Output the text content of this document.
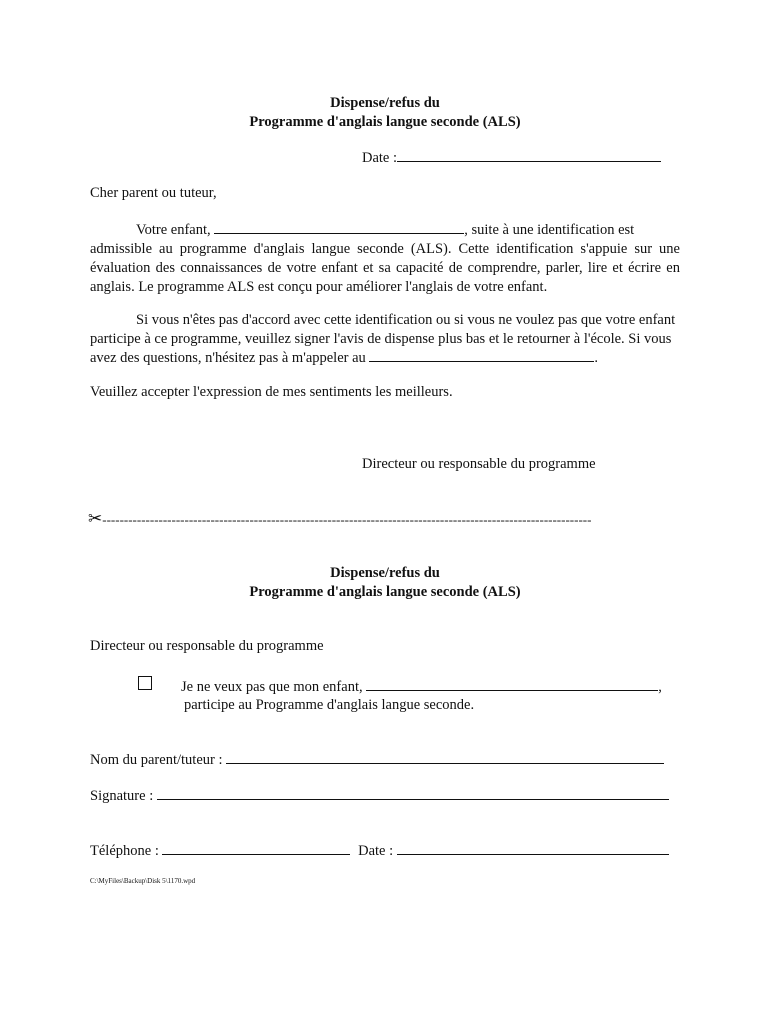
Dispense/refus du
Programme d'anglais langue seconde (ALS)
Date :
Cher parent ou tuteur,
Votre enfant,	, suite à une identification est
admissible au programme d'anglais langue seconde (ALS). Cette identification s'appuie sur une évaluation des connaissances de votre enfant et sa capacité de comprendre, parler, lire et écrire en anglais. Le programme ALS est conçu pour améliorer l'anglais de votre enfant.
Si vous n'êtes pas d'accord avec cette identification ou si vous ne voulez pas que votre enfant
participe à ce programme, veuillez signer l'avis de dispense plus bas et le retourner à l'école. Si vous
avez des questions, n'hésitez pas à m'appeler au	.
Veuillez accepter l'expression de mes sentiments les meilleurs.
Directeur ou responsable du programme
✂-----------------------------------------------------------------------------------------------------------------
Dispense/refus du
Programme d'anglais langue seconde (ALS)
Directeur ou responsable du programme
Je ne veux pas que mon enfant,	,
participe au Programme d'anglais langue seconde.
Nom du parent/tuteur :
Signature :
Téléphone :	Date :
C:\MyFiles\Backup\Disk 5\1170.wpd
